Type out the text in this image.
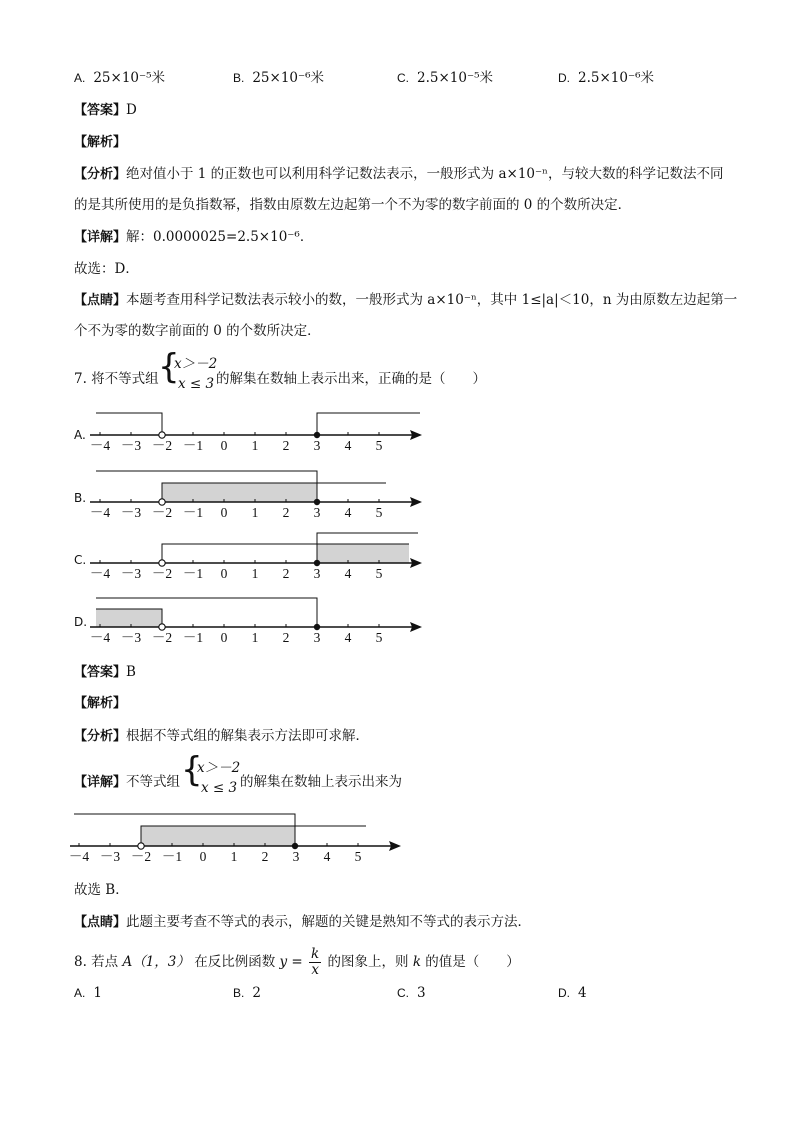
A. 25×10⁻⁵米	B. 25×10⁻⁶米	C. 2.5×10⁻⁵米	D. 2.5×10⁻⁶米
【答案】D
【解析】
【分析】绝对值小于 1 的正数也可以利用科学记数法表示，一般形式为 a×10⁻ⁿ，与较大数的科学记数法不同
的是其所使用的是负指数幂，指数由原数左边起第一个不为零的数字前面的 0 的个数所决定．
【详解】解：0.0000025=2.5×10⁻⁶．
故选：D．
【点睛】本题考查用科学记数法表示较小的数，一般形式为 a×10⁻ⁿ，其中 1≤|a|＜10，n 为由原数左边起第一
个不为零的数字前面的 0 的个数所决定．
7. 将不等式组 {
x＞－2
x ≤ 3 的解集在数轴上表示出来，正确的是（　　）
A.
B.
C.
D.
－4 －3 －2 －1 0 1 2 3 4 5
－4 －3 －2 －1 0 1 2 3 4 5
－4 －3 －2 －1 0 1 2 3 4 5
－4 －3 －2 －1 0 1 2 3 4 5
【答案】B
【解析】
【分析】根据不等式组的解集表示方法即可求解．
【详解】不等式组 {
x＞－2
x ≤ 3 的解集在数轴上表示出来为
－4 －3 －2 －1 0 1 2 3 4 5
故选 B．
【点睛】此题主要考查不等式的表示，解题的关键是熟知不等式的表示方法．
8. 若点 A（1，3） 在反比例函数 $y = \frac{k}{x}$ 的图象上，则 k 的值是（　　）
A. 1	B. 2	C. 3	D. 4
